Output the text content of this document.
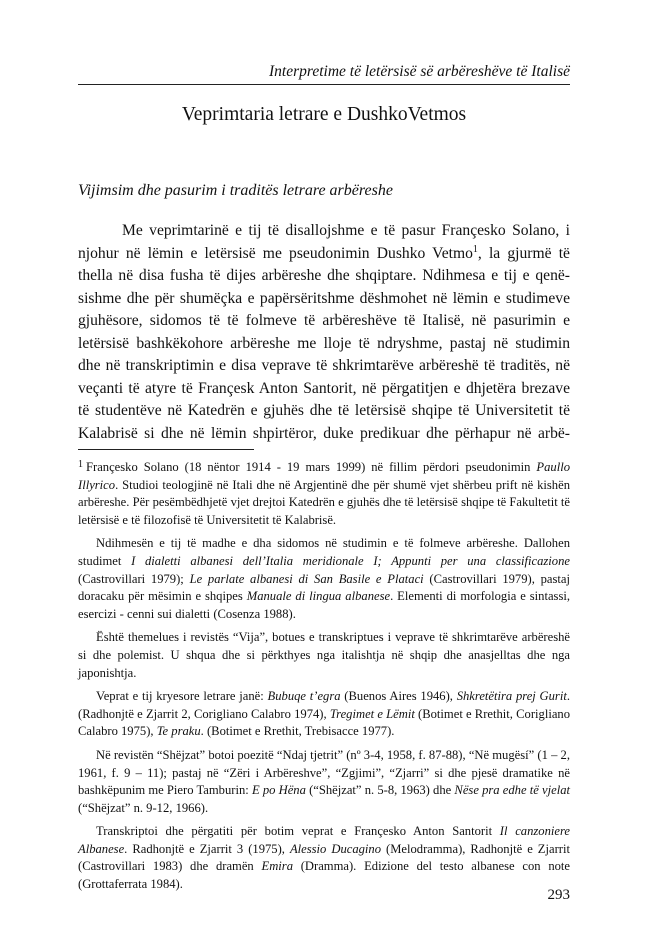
Interpretime të letërsisë së arbëreshëve të Italisë
Veprimtaria letrare e DushkoVetmos
Vijimsim dhe pasurim i traditës letrare arbëreshe
Me veprimtarinë e tij të disallojshme e të pasur Françesko Solano, i
njohur në lëmin e letërsisë me pseudonimin Dushko Vetmo$^1$, la gjurmë të
thella në disa fusha të dijes arbëreshe dhe shqiptare. Ndihmesa e tij e qenë-
sishme dhe për shumëçka e papërsëritshme dëshmohet në lëmin e studimeve
gjuhësore, sidomos të të folmeve të arbëreshëve të Italisë, në pasurimin e
letërsisë bashkëkohore arbëreshe me lloje të ndryshme, pastaj në studimin
dhe në transkriptimin e disa veprave të shkrimtarëve arbëreshë të traditës, në
veçanti të atyre të Françesk Anton Santorit, në përgatitjen e dhjetëra brezave
të studentëve në Katedrën e gjuhës dhe të letërsisë shqipe të Universitetit të
Kalabrisë si dhe në lëmin shpirtëror, duke predikuar dhe përhapur në arbë-

$^1$ Françesko Solano (18 nëntor 1914 - 19 mars 1999) në fillim përdori pseudonimin Paullo Illyrico. Studioi teologjinë në Itali dhe në Argjentinë dhe për shumë vjet shërbeu prift në kishën arbëreshe. Për pesëmbëdhjetë vjet drejtoi Katedrën e gjuhës dhe të letërsisë shqipe të Fakultetit të letërsisë e të filozofisë të Universitetit të Kalabrisë.

Ndihmesën e tij të madhe e dha sidomos në studimin e të folmeve arbëreshe. Dallohen studimet I dialetti albanesi dell’Italia meridionale I; Appunti per una classificazione (Castrovillari 1979); Le parlate albanesi di San Basile e Plataci (Castrovillari 1979), pastaj doracaku për mësimin e shqipes Manuale di lingua albanese. Elementi di morfologia e sintassi, esercizi - cenni sui dialetti (Cosenza 1988).

Është themelues i revistës “Vija”, botues e transkriptues i veprave të shkrimtarëve arbëreshë si dhe polemist. U shqua dhe si përkthyes nga italishtja në shqip dhe anasjelltas dhe nga japonishtja.

Veprat e tij kryesore letrare janë: Bubuqe t’egra (Buenos Aires 1946), Shkretëtira prej Gurit. (Radhonjtë e Zjarrit 2, Corigliano Calabro 1974), Tregimet e Lëmit (Botimet e Rrethit, Corigliano Calabro 1975), Te praku. (Botimet e Rrethit, Trebisacce 1977).

Në revistën “Shëjzat” botoi poezitë “Ndaj tjetrit” (nº 3-4, 1958, f. 87-88), “Në mugësí” (1 – 2, 1961, f. 9 – 11); pastaj në “Zëri i Arbëreshve”, “Zgjimi”, “Zjarri” si dhe pjesë dramatike në bashkëpunim me Piero Tamburin: E po Hëna (“Shëjzat” n. 5-8, 1963) dhe Nëse pra edhe të vjelat (“Shëjzat” n. 9-12, 1966).

Transkriptoi dhe përgatiti për botim veprat e Françesko Anton Santorit Il canzoniere Albanese. Radhonjtë e Zjarrit 3 (1975), Alessio Ducagino (Melodramma), Radhonjtë e Zjarrit (Castrovillari 1983) dhe dramën Emira (Dramma). Edizione del testo albanese con note (Grottaferrata 1984).

293
